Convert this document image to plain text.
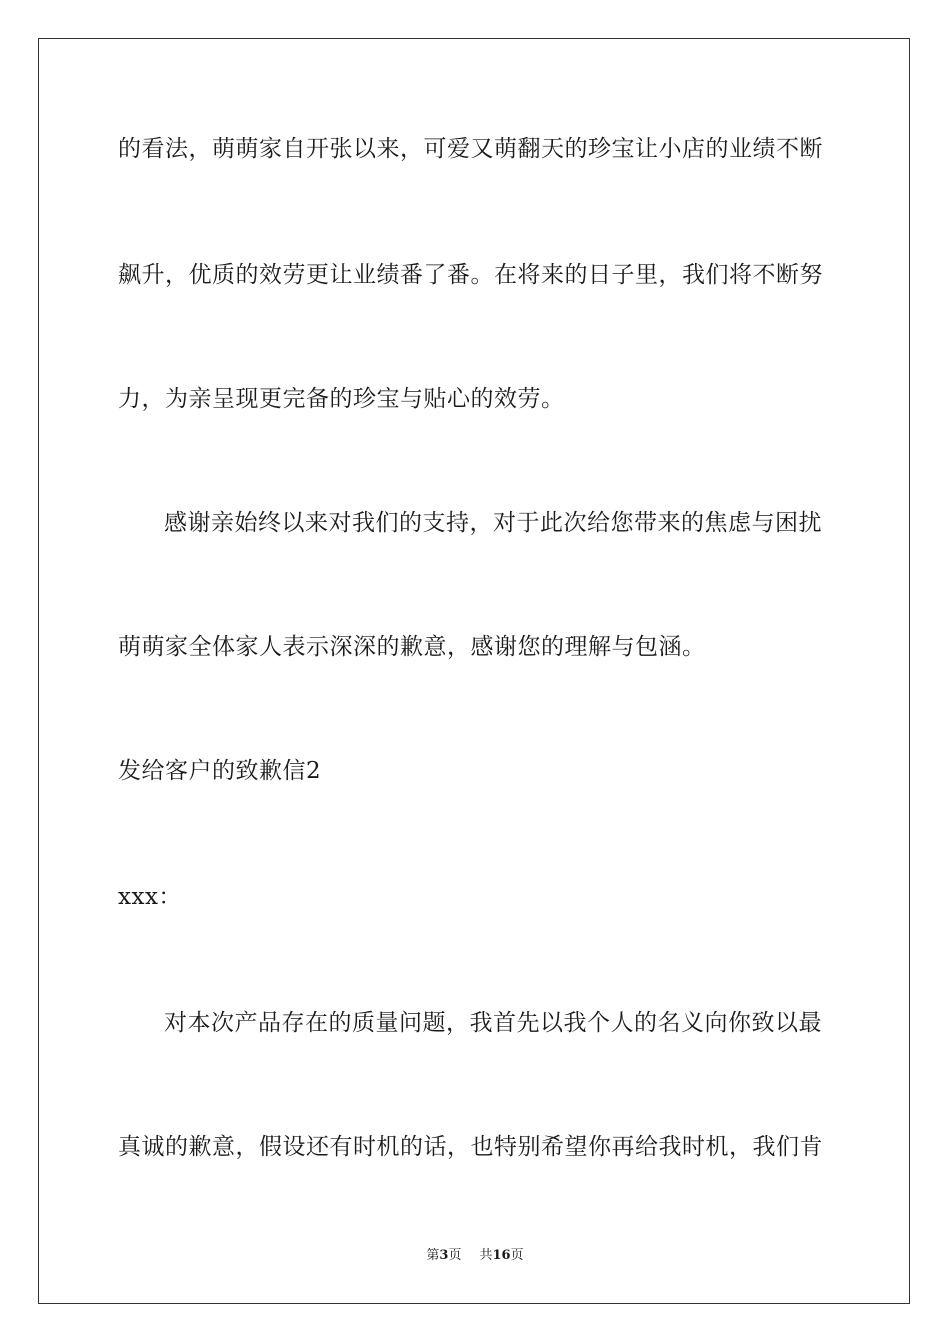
的看法，萌萌家自开张以来，可爱又萌翻天的珍宝让小店的业绩不断
飙升，优质的效劳更让业绩番了番。在将来的日子里，我们将不断努
力，为亲呈现更完备的珍宝与贴心的效劳。
感谢亲始终以来对我们的支持，对于此次给您带来的焦虑与困扰
萌萌家全体家人表示深深的歉意，感谢您的理解与包涵。
发给客户的致歉信2
xxx：
对本次产品存在的质量问题，我首先以我个人的名义向你致以最
真诚的歉意，假设还有时机的话，也特别希望你再给我时机，我们肯
第3页 共16页
